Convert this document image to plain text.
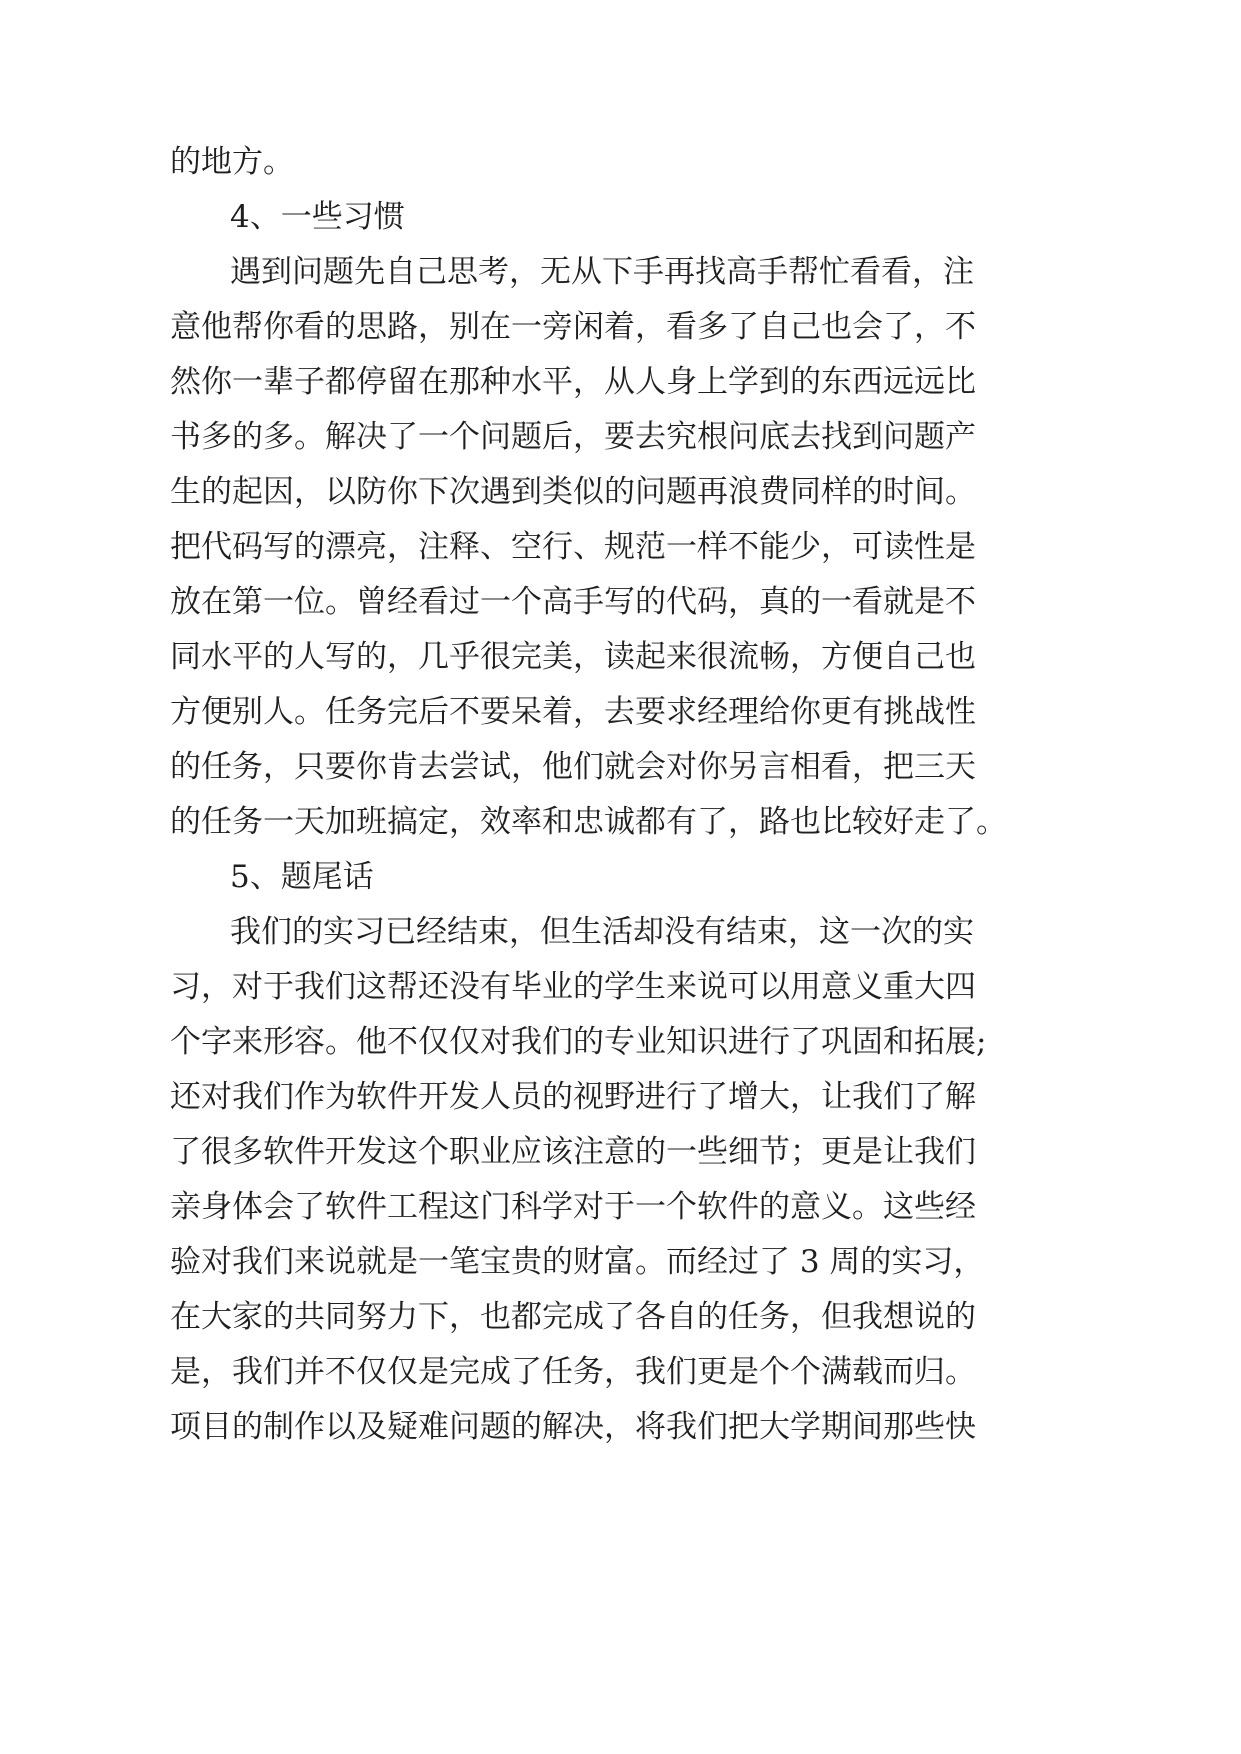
的地方。
4、一些习惯
遇到问题先自己思考，无从下手再找高手帮忙看看，注
意他帮你看的思路，别在一旁闲着，看多了自己也会了，不
然你一辈子都停留在那种水平，从人身上学到的东西远远比
书多的多。解决了一个问题后，要去究根问底去找到问题产
生的起因，以防你下次遇到类似的问题再浪费同样的时间。
把代码写的漂亮，注释、空行、规范一样不能少，可读性是
放在第一位。曾经看过一个高手写的代码，真的一看就是不
同水平的人写的，几乎很完美，读起来很流畅，方便自己也
方便别人。任务完后不要呆着，去要求经理给你更有挑战性
的任务，只要你肯去尝试，他们就会对你另言相看，把三天
的任务一天加班搞定，效率和忠诚都有了，路也比较好走了。
5、题尾话
我们的实习已经结束，但生活却没有结束，这一次的实
习，对于我们这帮还没有毕业的学生来说可以用意义重大四
个字来形容。他不仅仅对我们的专业知识进行了巩固和拓展;
还对我们作为软件开发人员的视野进行了增大，让我们了解
了很多软件开发这个职业应该注意的一些细节；更是让我们
亲身体会了软件工程这门科学对于一个软件的意义。这些经
验对我们来说就是一笔宝贵的财富。而经过了 3 周的实习，
在大家的共同努力下，也都完成了各自的任务，但我想说的
是，我们并不仅仅是完成了任务，我们更是个个满载而归。
项目的制作以及疑难问题的解决，将我们把大学期间那些快
